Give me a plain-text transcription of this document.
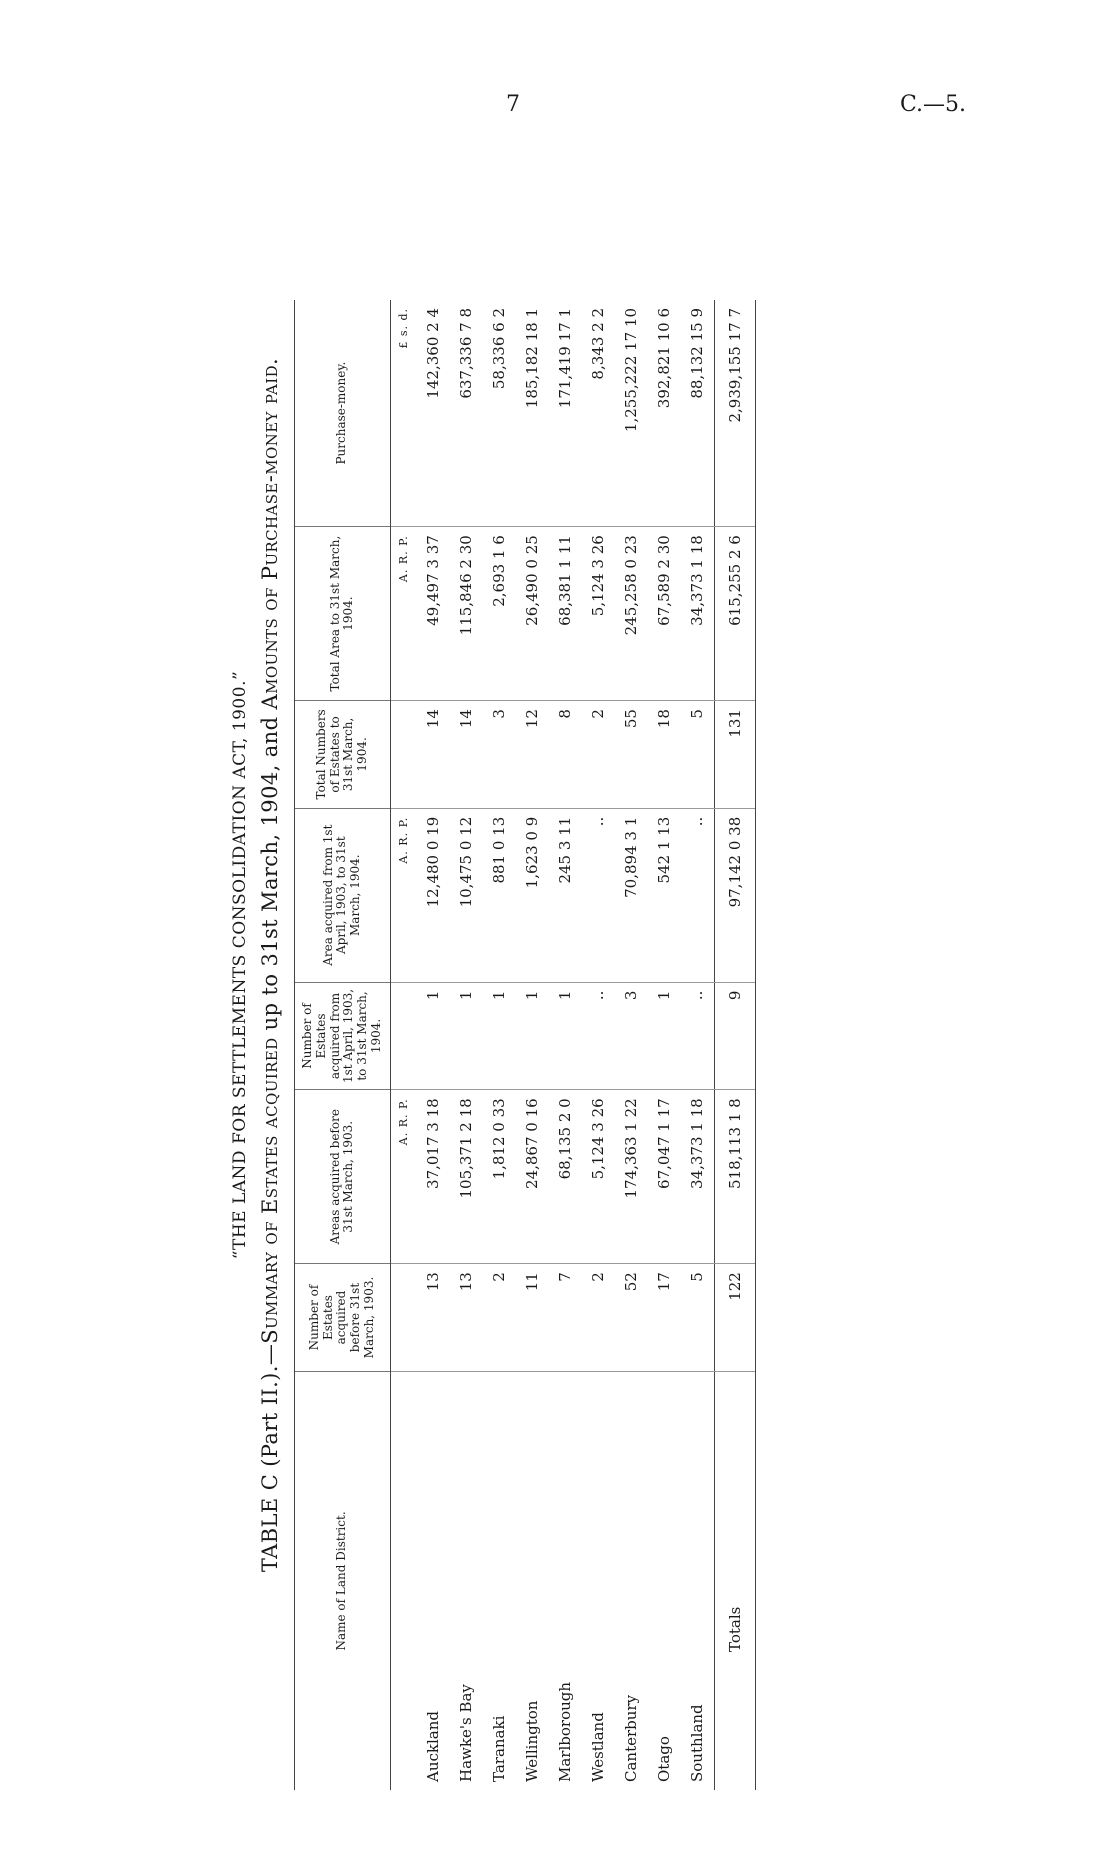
7	C.—5.
“THE LAND FOR SETTLEMENTS CONSOLIDATION ACT, 1900.”
TABLE C (Part II.).—Summary of Estates acquired up to 31st March, 1904, and Amounts of Purchase-money paid.
Name of Land District.	Number of Estates acquired before 31st March, 1903.	Areas acquired before 31st March, 1903.	Number of Estates acquired from 1st April, 1903, to 31st March, 1904.	Area acquired from 1st April, 1903, to 31st March, 1904.	Total Numbers of Estates to 31st March, 1904.	Total Area to 31st March, 1904.	Purchase-money.
		A. R. P.		A. R. P.		A. R. P.	£ s. d.
Auckland	13	37,017 3 18	1	12,480 0 19	14	49,497 3 37	142,360 2 4
Hawke's Bay	13	105,371 2 18	1	10,475 0 12	14	115,846 2 30	637,336 7 8
Taranaki	2	1,812 0 33	1	881 0 13	3	2,693 1 6	58,336 6 2
Wellington	11	24,867 0 16	1	1,623 0 9	12	26,490 0 25	185,182 18 1
Marlborough	7	68,135 2 0	1	245 3 11	8	68,381 1 11	171,419 17 1
Westland	2	5,124 3 26	..	..	2	5,124 3 26	8,343 2 2
Canterbury	52	174,363 1 22	3	70,894 3 1	55	245,258 0 23	1,255,222 17 10
Otago	17	67,047 1 17	1	542 1 13	18	67,589 2 30	392,821 10 6
Southland	5	34,373 1 18	..	..	5	34,373 1 18	88,132 15 9
Totals	122	518,113 1 8	9	97,142 0 38	131	615,255 2 6	2,939,155 17 7
